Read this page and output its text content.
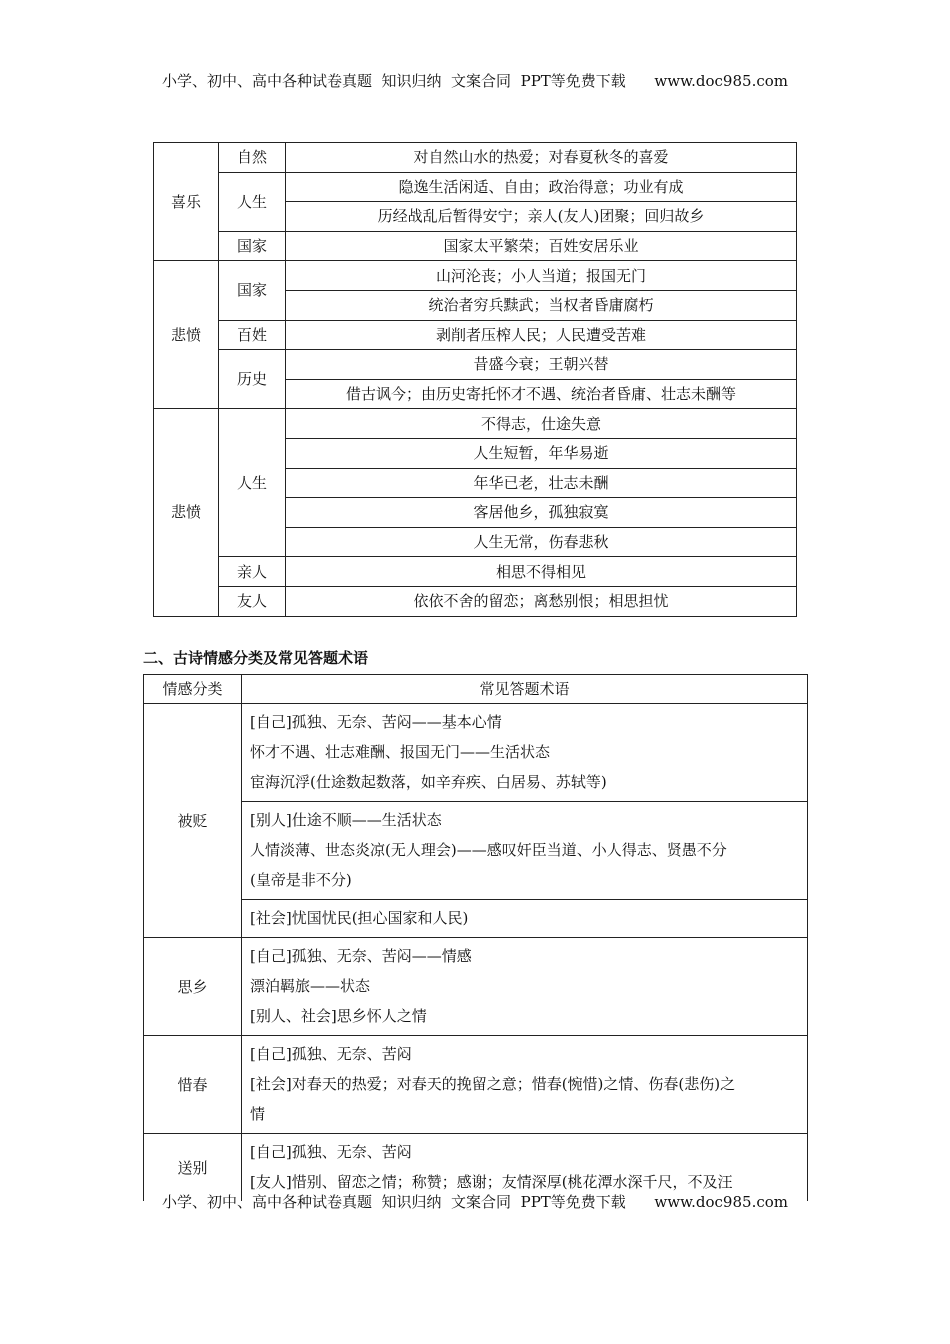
小学、初中、高中各种试卷真题  知识归纳  文案合同  PPT等免费下载      www.doc985.com
喜乐	自然	对自然山水的热爱；对春夏秋冬的喜爱
	人生	隐逸生活闲适、自由；政治得意；功业有成
		历经战乱后暂得安宁；亲人(友人)团聚；回归故乡
	国家	国家太平繁荣；百姓安居乐业
悲愤	国家	山河沦丧；小人当道；报国无门
		统治者穷兵黩武；当权者昏庸腐朽
	百姓	剥削者压榨人民；人民遭受苦难
	历史	昔盛今衰；王朝兴替
		借古讽今；由历史寄托怀才不遇、统治者昏庸、壮志未酬等
悲愤	人生	不得志，仕途失意
		人生短暂，年华易逝
		年华已老，壮志未酬
		客居他乡，孤独寂寞
		人生无常，伤春悲秋
	亲人	相思不得相见
	友人	依依不舍的留恋；离愁别恨；相思担忧
二、古诗情感分类及常见答题术语
情感分类	常见答题术语
被贬	[自己]孤独、无奈、苦闷——基本心情
怀才不遇、壮志难酬、报国无门——生活状态
宦海沉浮(仕途数起数落，如辛弃疾、白居易、苏轼等)

	[别人]仕途不顺——生活状态
人情淡薄、世态炎凉(无人理会)——感叹奸臣当道、小人得志、贤愚不分
(皇帝是非不分)

	[社会]忧国忧民(担心国家和人民)

思乡	[自己]孤独、无奈、苦闷——情感
漂泊羁旅——状态
[别人、社会]思乡怀人之情

惜春	[自己]孤独、无奈、苦闷
[社会]对春天的热爱；对春天的挽留之意；惜春(惋惜)之情、伤春(悲伤)之
情

送别	[自己]孤独、无奈、苦闷
[友人]惜别、留恋之情；称赞；感谢；友情深厚(桃花潭水深千尺，不及汪
小学、初中、高中各种试卷真题  知识归纳  文案合同  PPT等免费下载      www.doc985.com
